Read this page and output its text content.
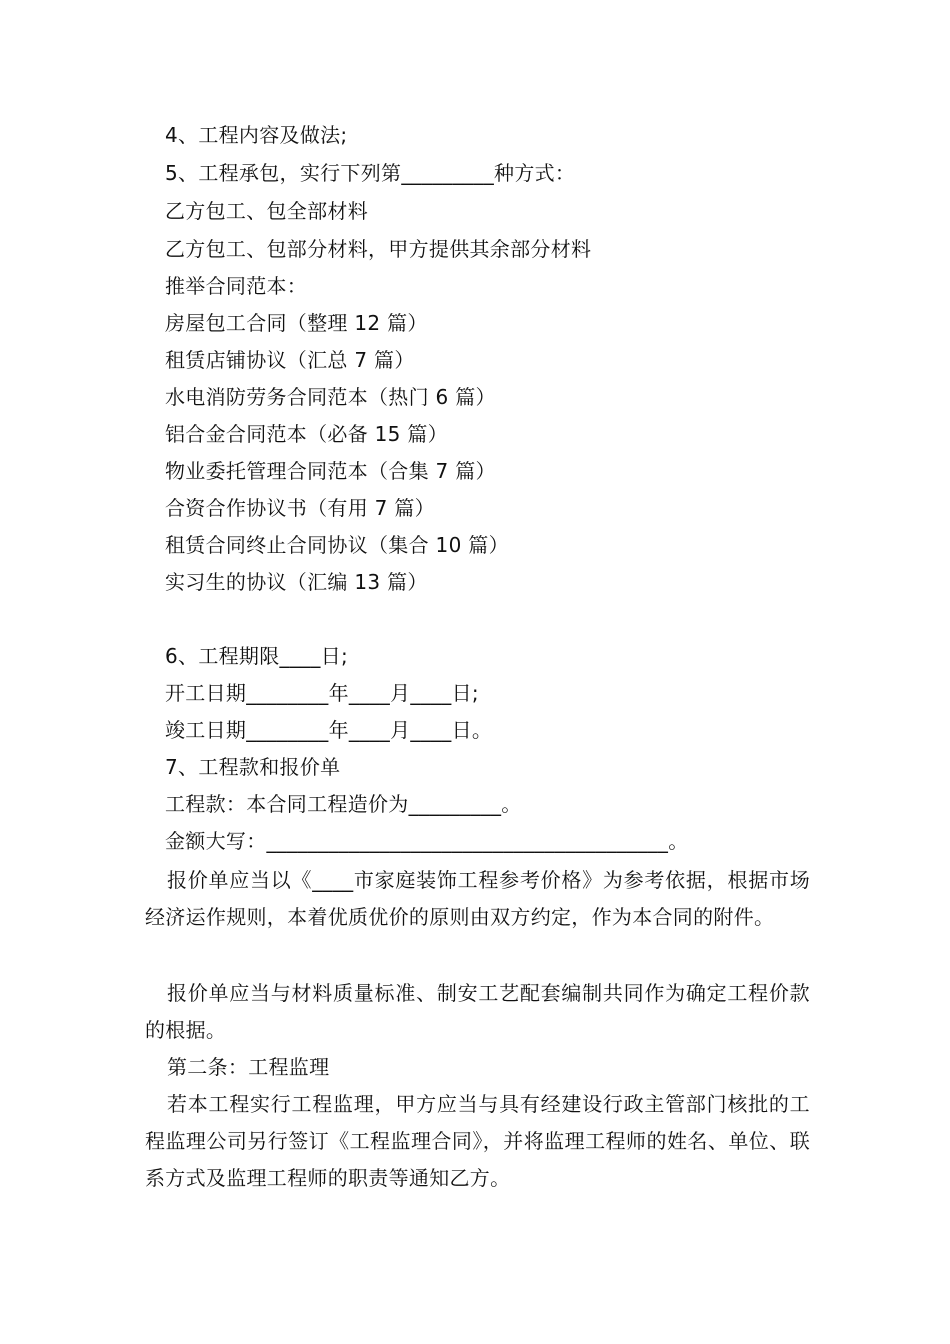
4、工程内容及做法;
5、工程承包，实行下列第_________种方式：
乙方包工、包全部材料
乙方包工、包部分材料，甲方提供其余部分材料
推举合同范本：
房屋包工合同（整理 12 篇）
租赁店铺协议（汇总 7 篇）
水电消防劳务合同范本（热门 6 篇）
铝合金合同范本（必备 15 篇）
物业委托管理合同范本（合集 7 篇）
合资合作协议书（有用 7 篇）
租赁合同终止合同协议（集合 10 篇）
实习生的协议（汇编 13 篇）
6、工程期限____日;
开工日期________年____月____日;
竣工日期________年____月____日。
7、工程款和报价单
工程款：本合同工程造价为_________。
金额大写：_______________________________________。
报价单应当以《____市家庭装饰工程参考价格》为参考依据，根据市场经济运作规则，本着优质优价的原则由双方约定，作为本合同的附件。
报价单应当与材料质量标准、制安工艺配套编制共同作为确定工程价款的根据。
第二条：工程监理
若本工程实行工程监理，甲方应当与具有经建设行政主管部门核批的工程监理公司另行签订《工程监理合同》，并将监理工程师的姓名、单位、联系方式及监理工程师的职责等通知乙方。
